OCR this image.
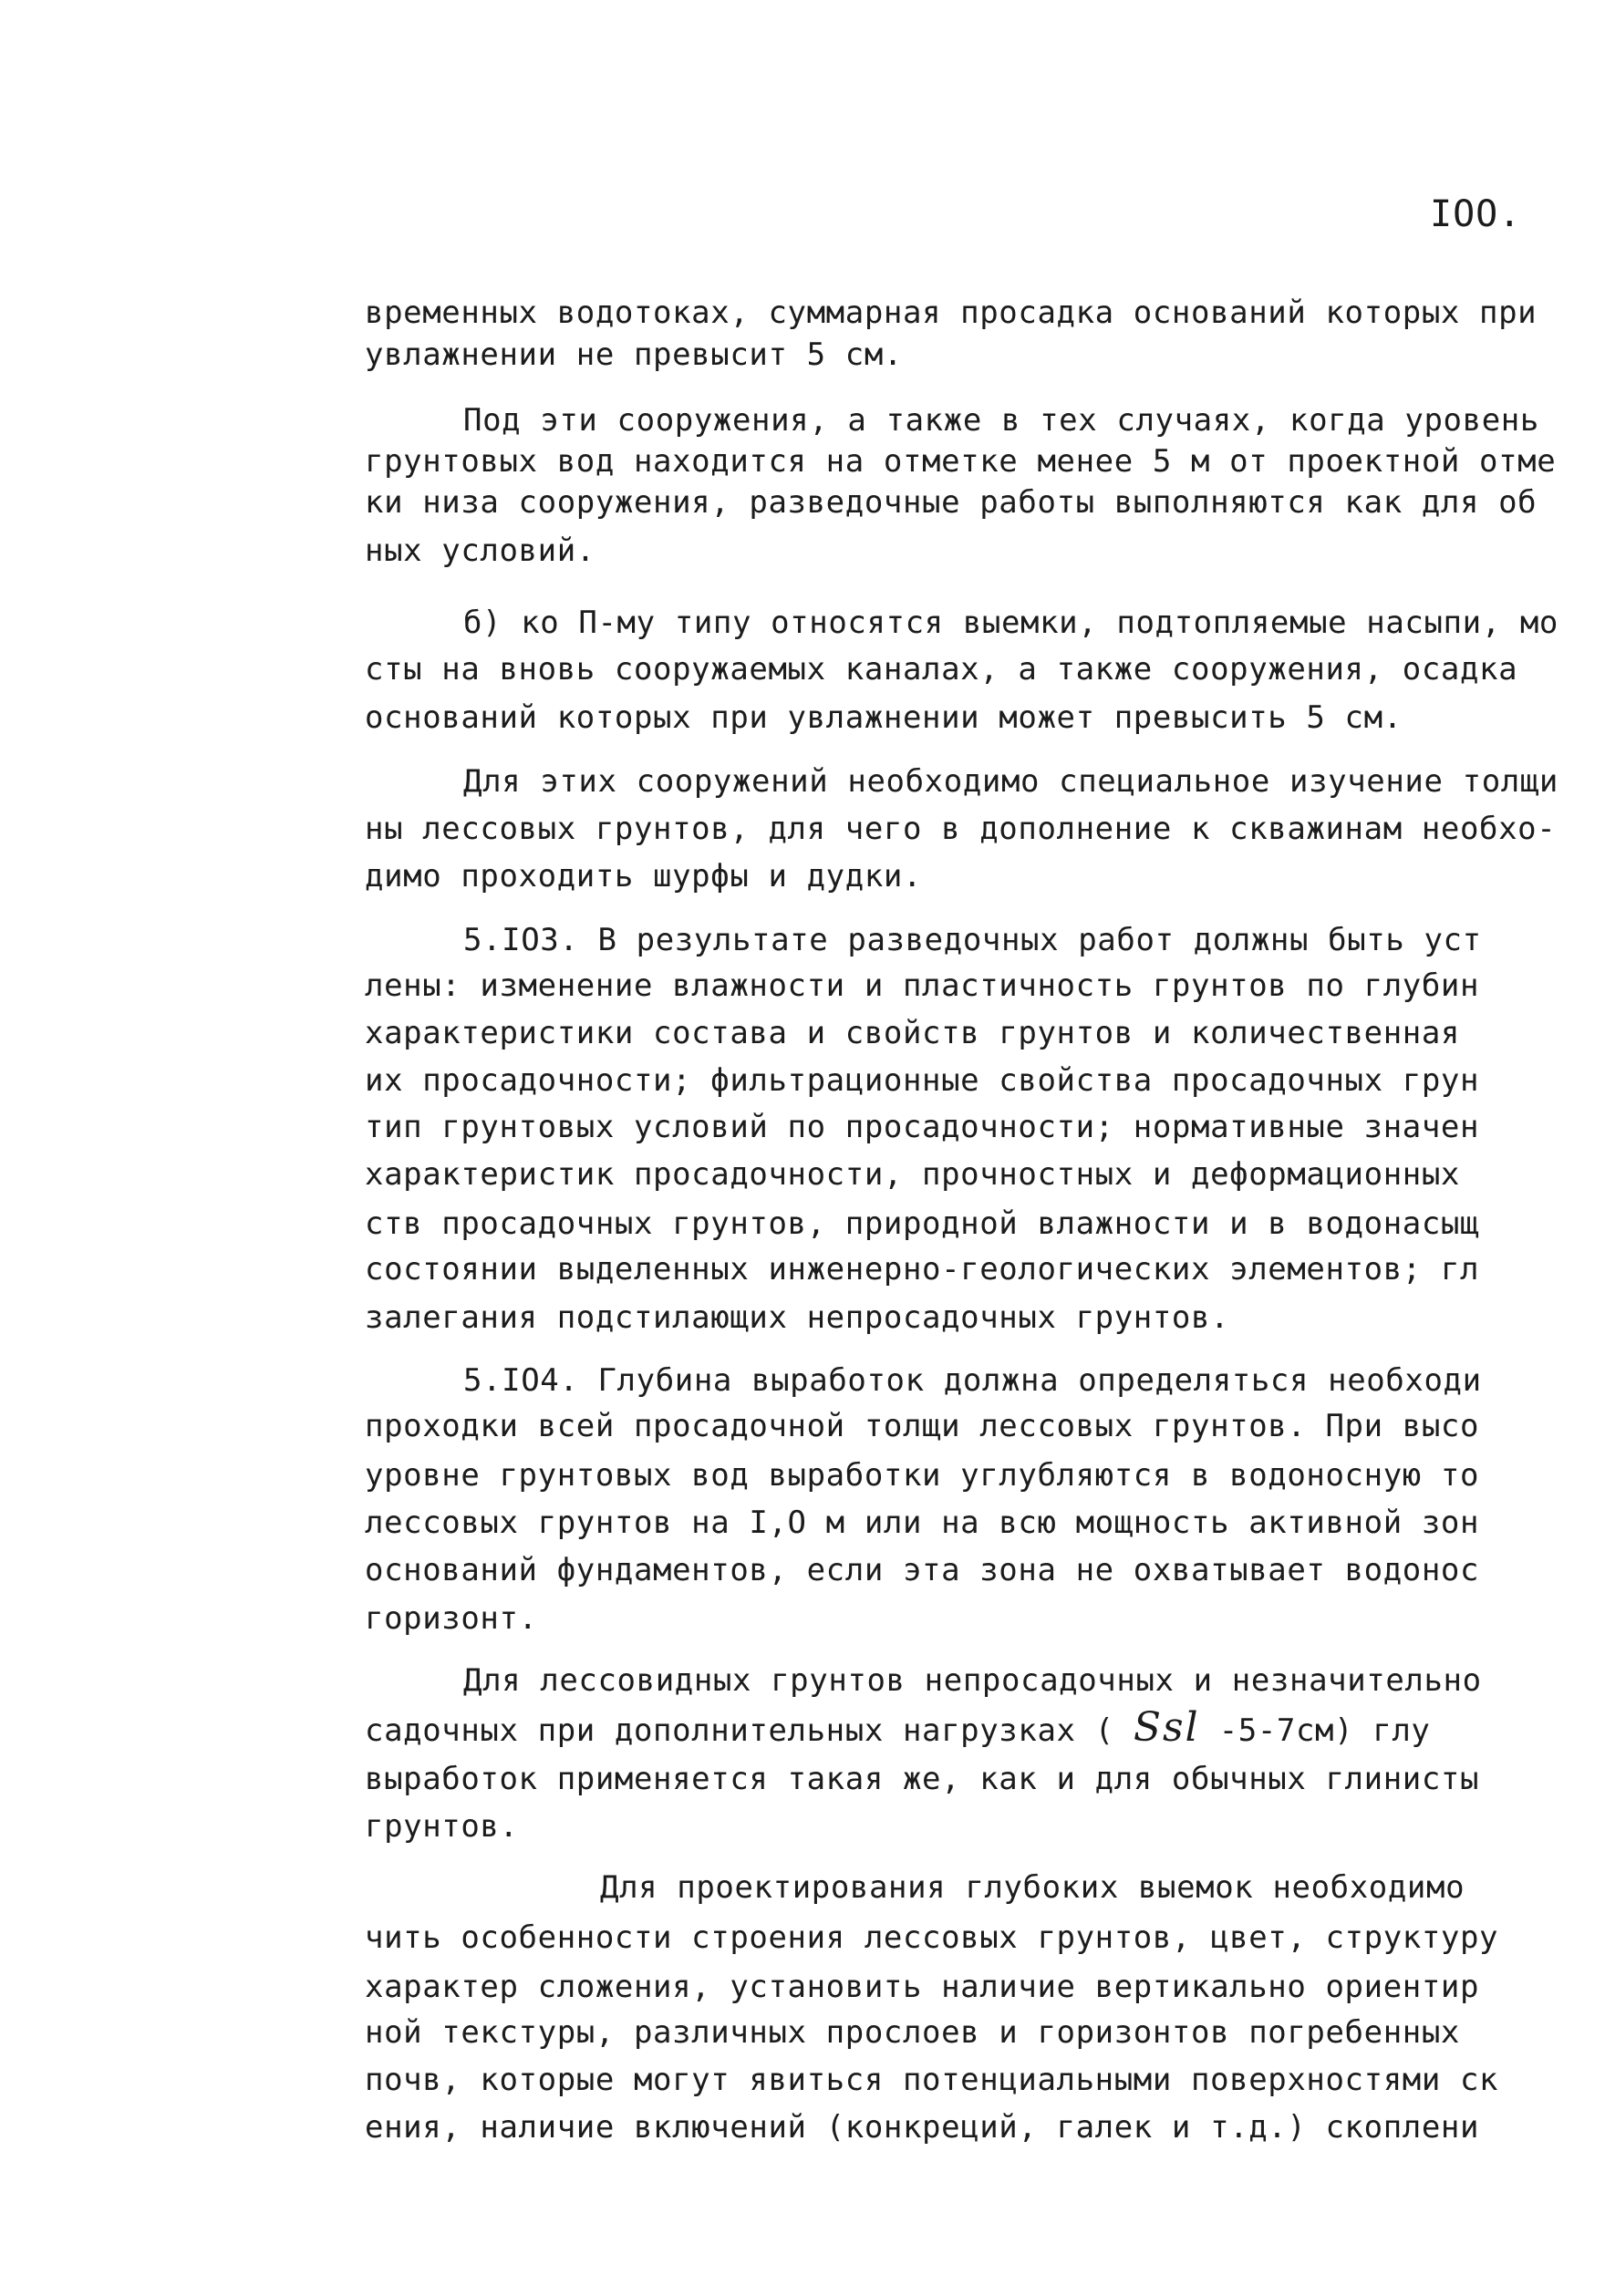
IOO.
временных водотоках, суммарная просадка оснований которых при
увлажнении не превысит 5 см.
Под эти сооружения, а также в тех случаях, когда уровень
грунтовых вод находится на отметке менее 5 м от проектной отме
ки низа сооружения, разведочные работы выполняются как для об
ных условий.
б) ко П-му типу относятся выемки, подтопляемые насыпи, мо
сты на вновь сооружаемых каналах, а также сооружения, осадка
оснований которых при увлажнении может превысить 5 см.
Для этих сооружений необходимо специальное изучение толщи
ны лессовых грунтов, для чего в дополнение к скважинам необхо-
димо проходить шурфы и дудки.
5.IO3. В результате разведочных работ должны быть уст
лены: изменение влажности и пластичность грунтов по глубин
характеристики состава и свойств грунтов и количественная
их просадочности; фильтрационные свойства просадочных грун
тип грунтовых условий по просадочности; нормативные значен
характеристик просадочности, прочностных и деформационных
ств просадочных грунтов, природной влажности и в водонасыщ
состоянии выделенных инженерно-геологических элементов; гл
залегания подстилающих непросадочных грунтов.
5.IO4. Глубина выработок должна определяться необходи
проходки всей просадочной толщи лессовых грунтов. При высо
уровне грунтовых вод выработки углубляются в водоносную то
лессовых грунтов на I,O м или на всю мощность активной зон
оснований фундаментов, если эта зона не охватывает водонос
горизонт.
Для лессовидных грунтов непросадочных и незначительно
садочных при дополнительных нагрузках ( Ssl -5-7см) глу
выработок применяется такая же, как и для обычных глинисты
грунтов.
Для проектирования глубоких выемок необходимо
чить особенности строения лессовых грунтов, цвет, структуру
характер сложения, установить наличие вертикально ориентир
ной текстуры, различных прослоев и горизонтов погребенных
почв, которые могут явиться потенциальными поверхностями ск
ения, наличие включений (конкреций, галек и т.д.) скоплени
